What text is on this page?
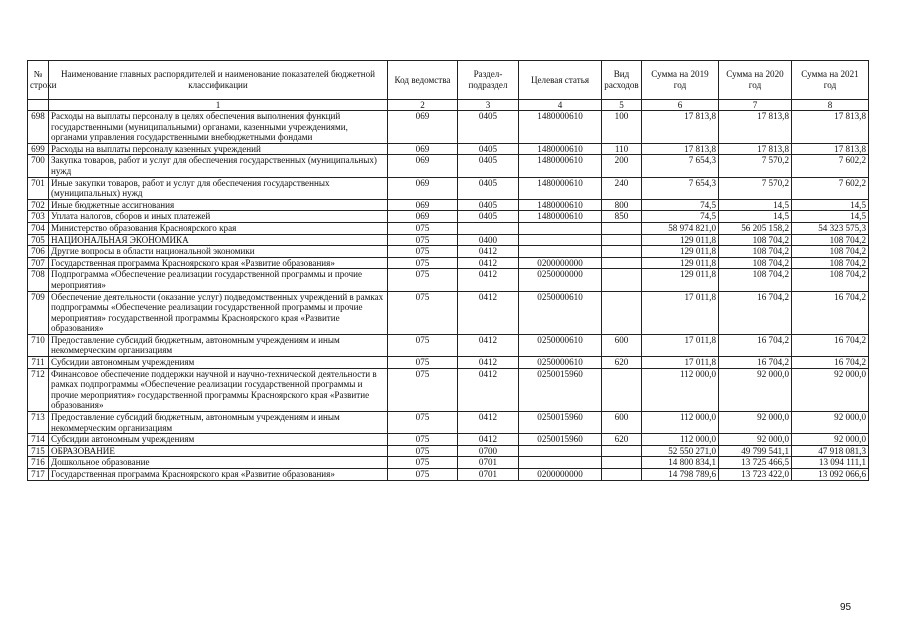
№ строки	Наименование главных распорядителей и наименование показателей бюджетной классификации	Код ведомства	Раздел-подраздел	Целевая статья	Вид расходов	Сумма на 2019 год	Сумма на 2020 год	Сумма на 2021 год
	1	2	3	4	5	6	7	8
698	Расходы на выплаты персоналу в целях обеспечения выполнения функций государственными (муниципальными) органами, казенными учреждениями, органами управления государственными внебюджетными фондами	069	0405	1480000610	100	17 813,8	17 813,8	17 813,8
699	Расходы на выплаты персоналу казенных учреждений	069	0405	1480000610	110	17 813,8	17 813,8	17 813,8
700	Закупка товаров, работ и услуг для обеспечения государственных (муниципальных) нужд	069	0405	1480000610	200	7 654,3	7 570,2	7 602,2
701	Иные закупки товаров, работ и услуг для обеспечения государственных (муниципальных) нужд	069	0405	1480000610	240	7 654,3	7 570,2	7 602,2
702	Иные бюджетные ассигнования	069	0405	1480000610	800	74,5	14,5	14,5
703	Уплата налогов, сборов и иных платежей	069	0405	1480000610	850	74,5	14,5	14,5
704	Министерство образования Красноярского края	075				58 974 821,0	56 205 158,2	54 323 575,3
705	НАЦИОНАЛЬНАЯ ЭКОНОМИКА	075	0400			129 011,8	108 704,2	108 704,2
706	Другие вопросы в области национальной экономики	075	0412			129 011,8	108 704,2	108 704,2
707	Государственная программа Красноярского края «Развитие образования»	075	0412	0200000000		129 011,8	108 704,2	108 704,2
708	Подпрограмма «Обеспечение реализации государственной программы и прочие мероприятия»	075	0412	0250000000		129 011,8	108 704,2	108 704,2
709	Обеспечение деятельности (оказание услуг) подведомственных учреждений в рамках подпрограммы «Обеспечение реализации государственной программы и прочие мероприятия» государственной программы Красноярского края «Развитие образования»	075	0412	0250000610		17 011,8	16 704,2	16 704,2
710	Предоставление субсидий бюджетным, автономным учреждениям и иным некоммерческим организациям	075	0412	0250000610	600	17 011,8	16 704,2	16 704,2
711	Субсидии автономным учреждениям	075	0412	0250000610	620	17 011,8	16 704,2	16 704,2
712	Финансовое обеспечение поддержки научной и научно-технической деятельности в рамках подпрограммы «Обеспечение реализации государственной программы и прочие мероприятия» государственной программы Красноярского края «Развитие образования»	075	0412	0250015960		112 000,0	92 000,0	92 000,0
713	Предоставление субсидий бюджетным, автономным учреждениям и иным некоммерческим организациям	075	0412	0250015960	600	112 000,0	92 000,0	92 000,0
714	Субсидии автономным учреждениям	075	0412	0250015960	620	112 000,0	92 000,0	92 000,0
715	ОБРАЗОВАНИЕ	075	0700			52 550 271,0	49 799 541,1	47 918 081,3
716	Дошкольное образование	075	0701			14 800 834,1	13 725 466,5	13 094 111,1
717	Государственная программа Красноярского края «Развитие образования»	075	0701	0200000000		14 798 789,6	13 723 422,0	13 092 066,6
95
